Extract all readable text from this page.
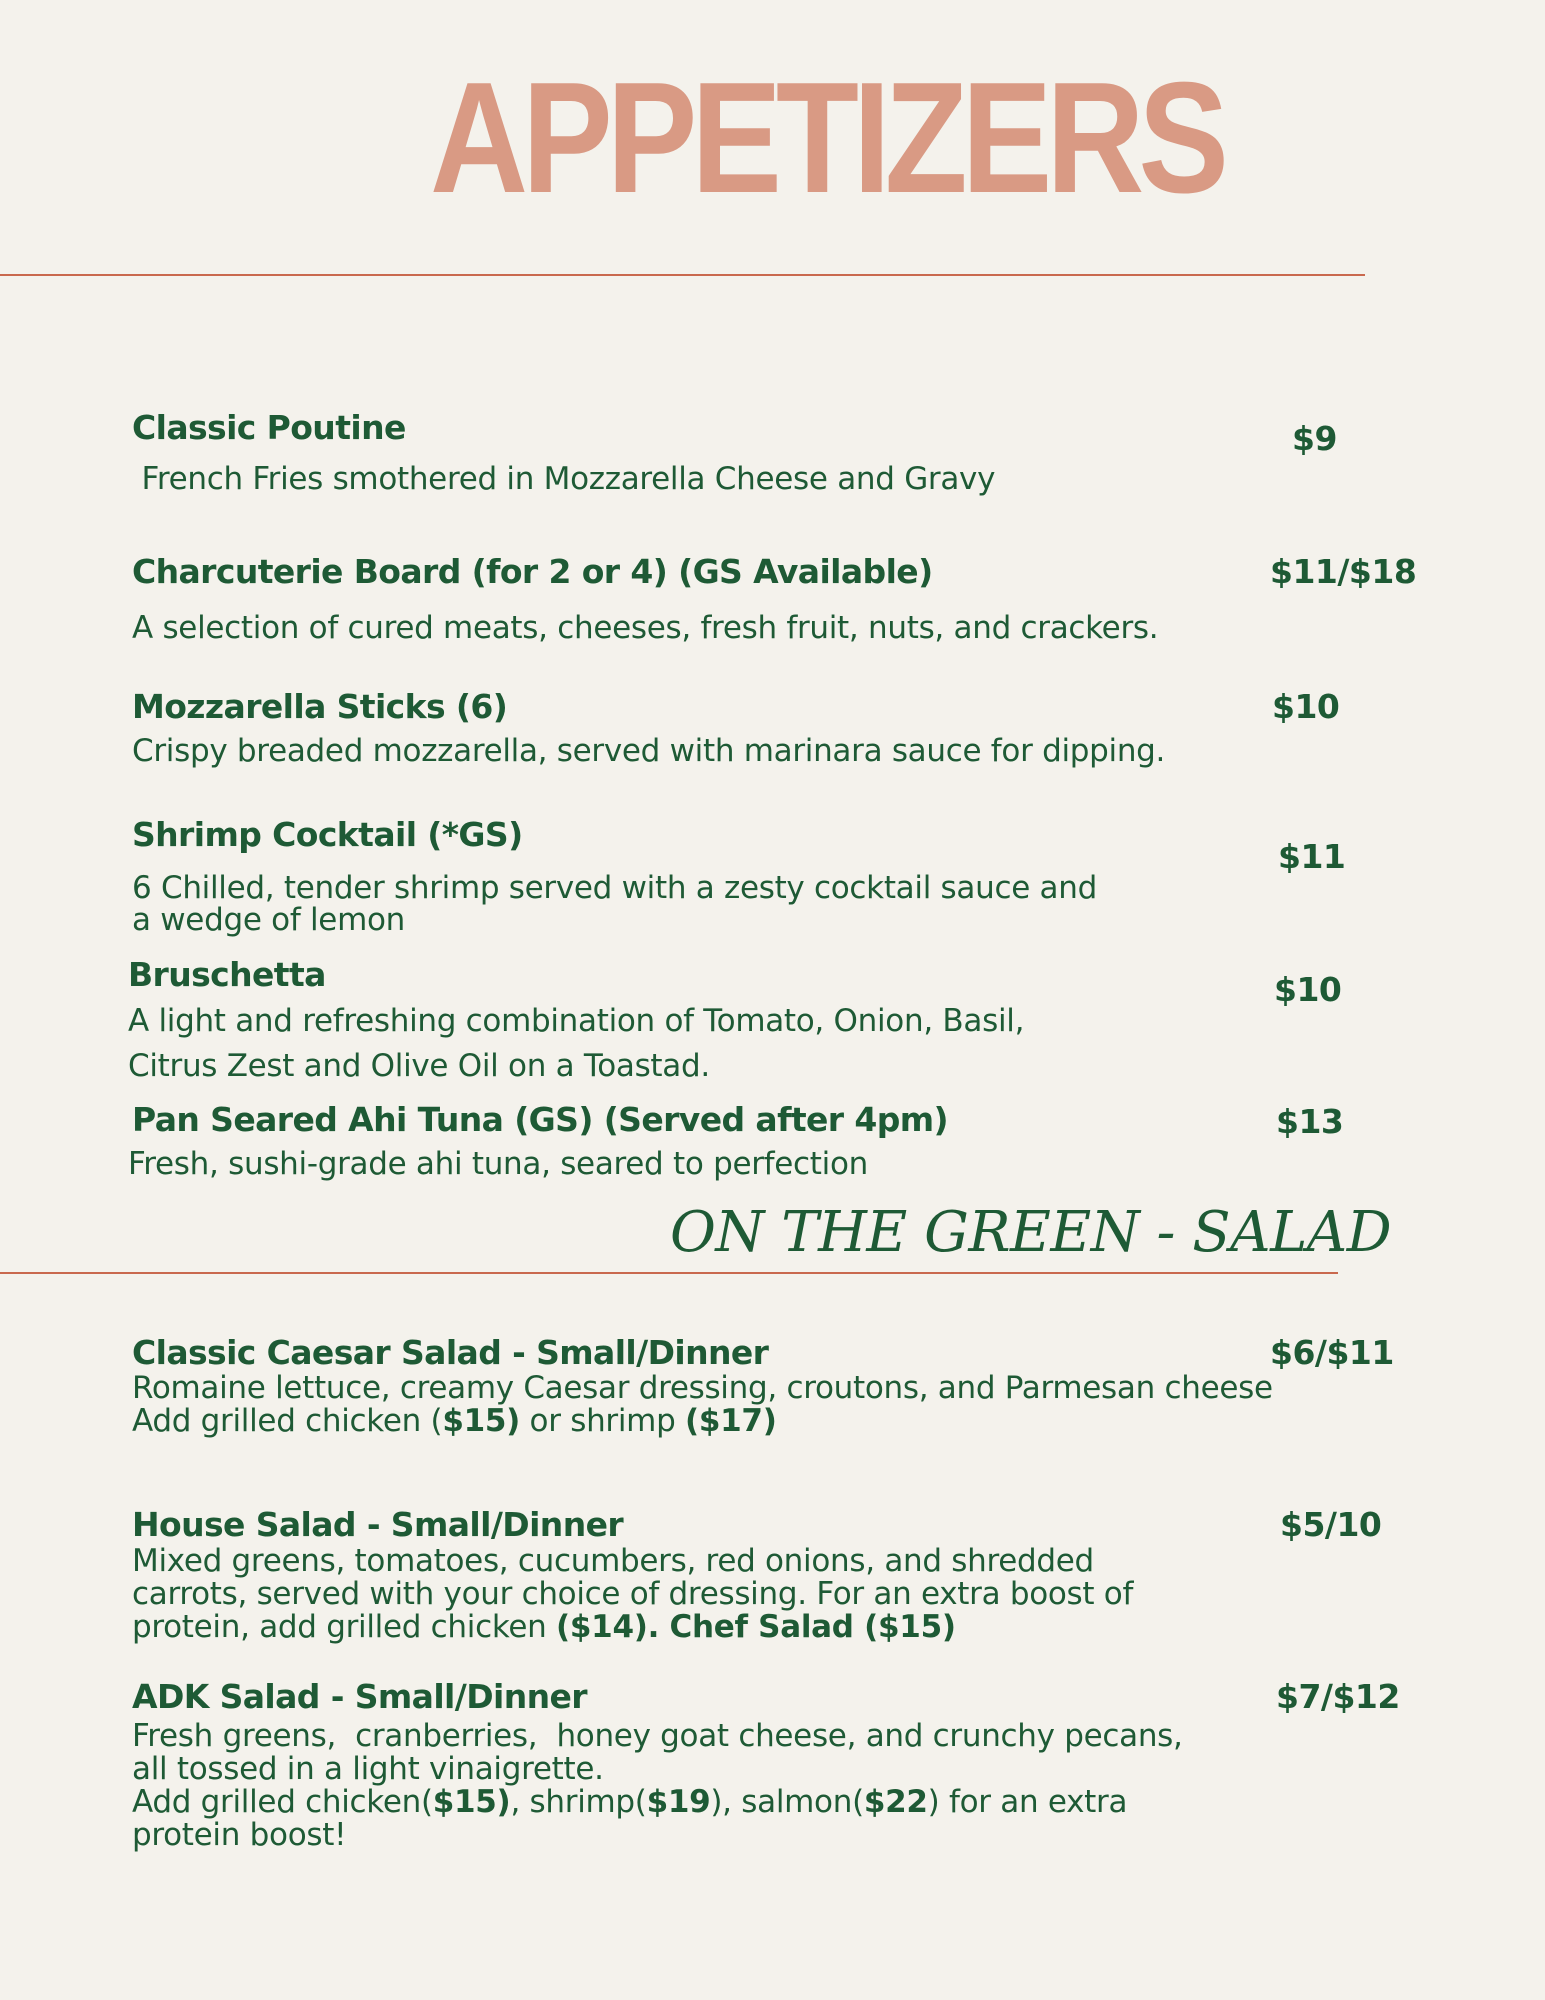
APPETIZERS
Classic Poutine
French Fries smothered in Mozzarella Cheese and Gravy
$9
Charcuterie Board (for 2 or 4) (GS Available)
A selection of cured meats, cheeses, fresh fruit, nuts, and crackers.
$11/$18
Mozzarella Sticks (6)
Crispy breaded mozzarella, served with marinara sauce for dipping.
$10
Shrimp Cocktail (*GS)
6 Chilled, tender shrimp served with a zesty cocktail sauce and
a wedge of lemon
$11
Bruschetta
A light and refreshing combination of Tomato, Onion, Basil,
Citrus Zest and Olive Oil on a Toastad.
$10
Pan Seared Ahi Tuna (GS) (Served after 4pm)
Fresh, sushi-grade ahi tuna, seared to perfection
$13
ON THE GREEN - SALAD
Classic Caesar Salad - Small/Dinner	$6/$11
Romaine lettuce, creamy Caesar dressing, croutons, and Parmesan cheese
Add grilled chicken ($15) or shrimp ($17)
House Salad - Small/Dinner	$5/10
Mixed greens, tomatoes, cucumbers, red onions, and shredded
carrots, served with your choice of dressing. For an extra boost of
protein, add grilled chicken ($14). Chef Salad ($15)
ADK Salad - Small/Dinner	$7/$12
Fresh greens,  cranberries,  honey goat cheese, and crunchy pecans,
all tossed in a light vinaigrette.
Add grilled chicken($15), shrimp($19), salmon($22) for an extra
protein boost!
